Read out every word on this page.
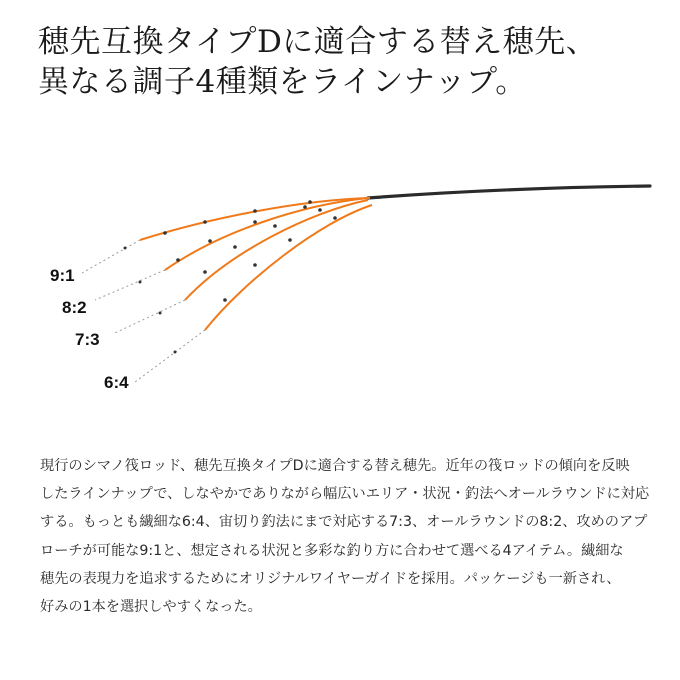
穂先互換タイプDに適合する替え穂先、
異なる調子4種類をラインナップ。
9:1
8:2
7:3
6:4

現行のシマノ筏ロッド、穂先互換タイプDに適合する替え穂先。近年の筏ロッドの傾向を反映
したラインナップで、しなやかでありながら幅広いエリア・状況・釣法へオールラウンドに対応
する。もっとも繊細な6:4、宙切り釣法にまで対応する7:3、オールラウンドの8:2、攻めのアプ
ローチが可能な9:1と、想定される状況と多彩な釣り方に合わせて選べる4アイテム。繊細な
穂先の表現力を追求するためにオリジナルワイヤーガイドを採用。パッケージも一新され、
好みの1本を選択しやすくなった。
